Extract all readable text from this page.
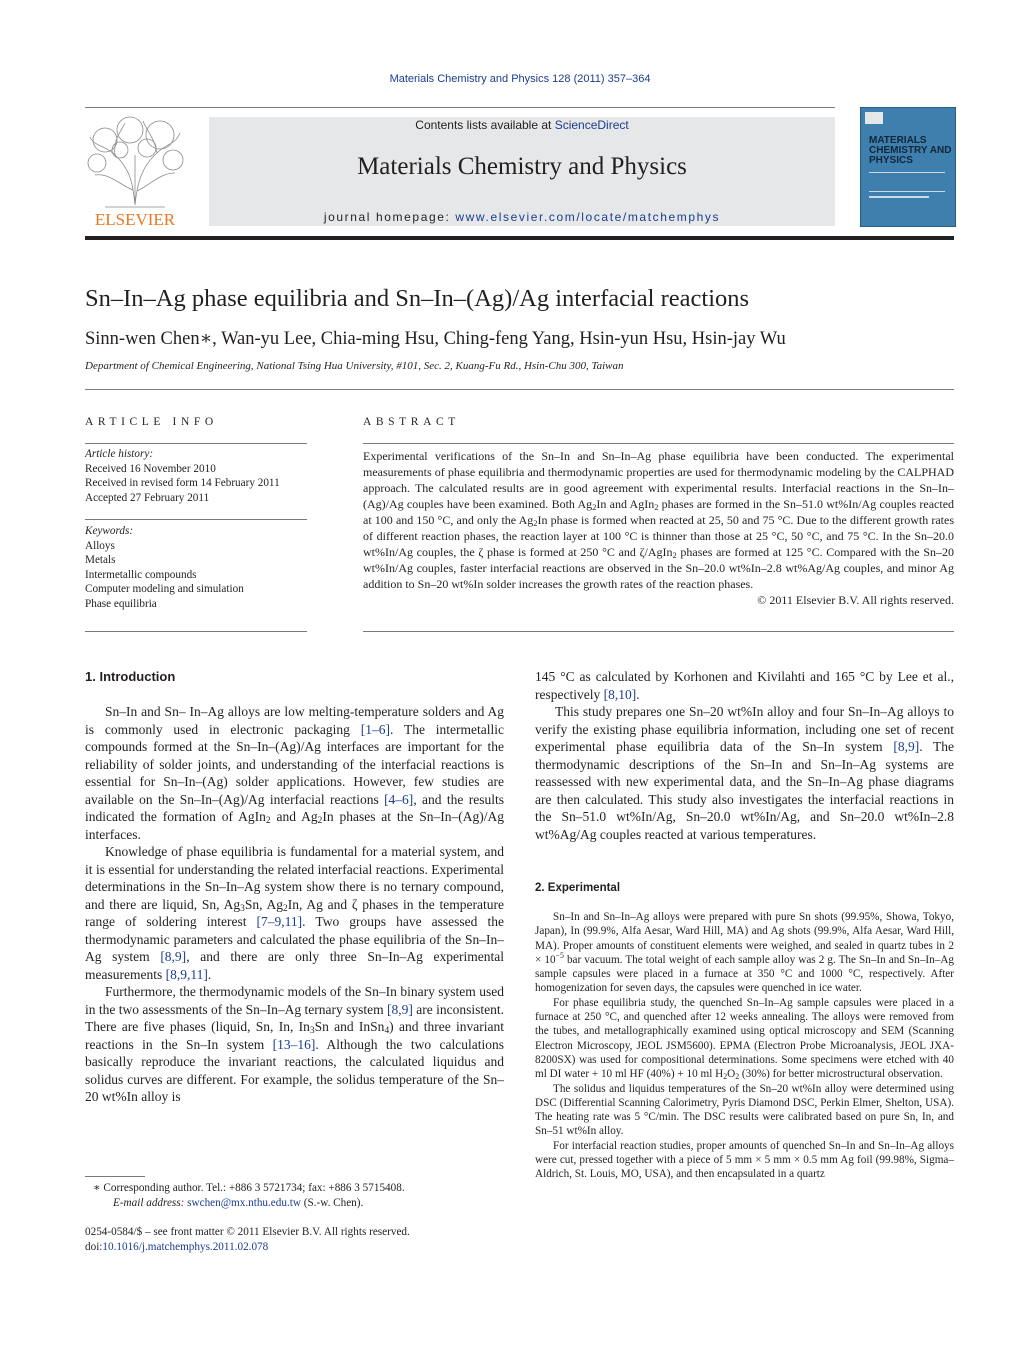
Materials Chemistry and Physics 128 (2011) 357–364
ELSEVIER
Contents lists available at ScienceDirect
Materials Chemistry and Physics
journal homepage: www.elsevier.com/locate/matchemphys
MATERIALS
CHEMISTRY AND
PHYSICS
Sn–In–Ag phase equilibria and Sn–In–(Ag)/Ag interfacial reactions
Sinn-wen Chen∗, Wan-yu Lee, Chia-ming Hsu, Ching-feng Yang, Hsin-yun Hsu, Hsin-jay Wu
Department of Chemical Engineering, National Tsing Hua University, #101, Sec. 2, Kuang-Fu Rd., Hsin-Chu 300, Taiwan
ARTICLE INFO
Article history:
Received 16 November 2010
Received in revised form 14 February 2011
Accepted 27 February 2011
Keywords:
Alloys
Metals
Intermetallic compounds
Computer modeling and simulation
Phase equilibria
ABSTRACT
Experimental verifications of the Sn–In and Sn–In–Ag phase equilibria have been conducted. The experimental measurements of phase equilibria and thermodynamic properties are used for thermodynamic modeling by the CALPHAD approach. The calculated results are in good agreement with experimental results. Interfacial reactions in the Sn–In–(Ag)/Ag couples have been examined. Both $Ag_2In$ and AgIn$_2$ phases are formed in the Sn–51.0 wt%In/Ag couples reacted at 100 and 150 °C, and only the $Ag_2In$ phase is formed when reacted at 25, 50 and 75 °C. Due to the different growth rates of different reaction phases, the reaction layer at 100 °C is thinner than those at 25 °C, 50 °C, and 75 °C. In the Sn–20.0 wt%In/Ag couples, the ζ phase is formed at 250 °C and ζ/AgIn$_2$ phases are formed at 125 °C. Compared with the Sn–20 wt%In/Ag couples, faster interfacial reactions are observed in the Sn–20.0 wt%In–2.8 wt%Ag/Ag couples, and minor Ag addition to Sn–20 wt%In solder increases the growth rates of the reaction phases.
© 2011 Elsevier B.V. All rights reserved.
1. Introduction

Sn–In and Sn– In–Ag alloys are low melting-temperature solders and Ag is commonly used in electronic packaging [1–6]. The intermetallic compounds formed at the Sn–In–(Ag)/Ag interfaces are important for the reliability of solder joints, and understanding of the interfacial reactions is essential for Sn–In–(Ag) solder applications. However, few studies are available on the Sn–In–(Ag)/Ag interfacial reactions [4–6], and the results indicated the formation of AgIn$_2$ and $Ag_2In$ phases at the Sn–In–(Ag)/Ag interfaces.

Knowledge of phase equilibria is fundamental for a material system, and it is essential for understanding the related interfacial reactions. Experimental determinations in the Sn–In–Ag system show there is no ternary compound, and there are liquid, Sn, $Ag_3Sn$, $Ag_2In$, Ag and ζ phases in the temperature range of soldering interest [7–9,11]. Two groups have assessed the thermodynamic parameters and calculated the phase equilibria of the Sn–In–Ag system [8,9], and there are only three Sn–In–Ag experimental measurements [8,9,11].

Furthermore, the thermodynamic models of the Sn–In binary system used in the two assessments of the Sn–In–Ag ternary system [8,9] are inconsistent. There are five phases (liquid, Sn, In, $In_3Sn$ and InSn$_4$) and three invariant reactions in the Sn–In system [13–16]. Although the two calculations basically reproduce the invariant reactions, the calculated liquidus and solidus curves are different. For example, the solidus temperature of the Sn–20 wt%In alloy is

∗ Corresponding author. Tel.: +886 3 5721734; fax: +886 3 5715408.
E-mail address: swchen@mx.nthu.edu.tw (S.-w. Chen).
0254-0584/$ – see front matter © 2011 Elsevier B.V. All rights reserved.
doi:10.1016/j.matchemphys.2011.02.078

145 °C as calculated by Korhonen and Kivilahti and 165 °C by Lee et al., respectively [8,10].

This study prepares one Sn–20 wt%In alloy and four Sn–In–Ag alloys to verify the existing phase equilibria information, including one set of recent experimental phase equilibria data of the Sn–In system [8,9]. The thermodynamic descriptions of the Sn–In and Sn–In–Ag systems are reassessed with new experimental data, and the Sn–In–Ag phase diagrams are then calculated. This study also investigates the interfacial reactions in the Sn–51.0 wt%In/Ag, Sn–20.0 wt%In/Ag, and Sn–20.0 wt%In–2.8 wt%Ag/Ag couples reacted at various temperatures.

2. Experimental

Sn–In and Sn–In–Ag alloys were prepared with pure Sn shots (99.95%, Showa, Tokyo, Japan), In (99.9%, Alfa Aesar, Ward Hill, MA) and Ag shots (99.9%, Alfa Aesar, Ward Hill, MA). Proper amounts of constituent elements were weighed, and sealed in quartz tubes in $2 \times 10^{-5}$ bar vacuum. The total weight of each sample alloy was 2 g. The Sn–In and Sn–In–Ag sample capsules were placed in a furnace at 350 °C and 1000 °C, respectively. After homogenization for seven days, the capsules were quenched in ice water.

For phase equilibria study, the quenched Sn–In–Ag sample capsules were placed in a furnace at 250 °C, and quenched after 12 weeks annealing. The alloys were removed from the tubes, and metallographically examined using optical microscopy and SEM (Scanning Electron Microscopy, JEOL JSM5600). EPMA (Electron Probe Microanalysis, JEOL JXA-8200SX) was used for compositional determinations. Some specimens were etched with 40 ml DI water + 10 ml HF (40%) + 10 ml $H_2O_2$ (30%) for better microstructural observation.

The solidus and liquidus temperatures of the Sn–20 wt%In alloy were determined using DSC (Differential Scanning Calorimetry, Pyris Diamond DSC, Perkin Elmer, Shelton, USA). The heating rate was 5 °C/min. The DSC results were calibrated based on pure Sn, In, and Sn–51 wt%In alloy.

For interfacial reaction studies, proper amounts of quenched Sn–In and Sn–In–Ag alloys were cut, pressed together with a piece of 5 mm × 5 mm × 0.5 mm Ag foil (99.98%, Sigma–Aldrich, St. Louis, MO, USA), and then encapsulated in a quartz
